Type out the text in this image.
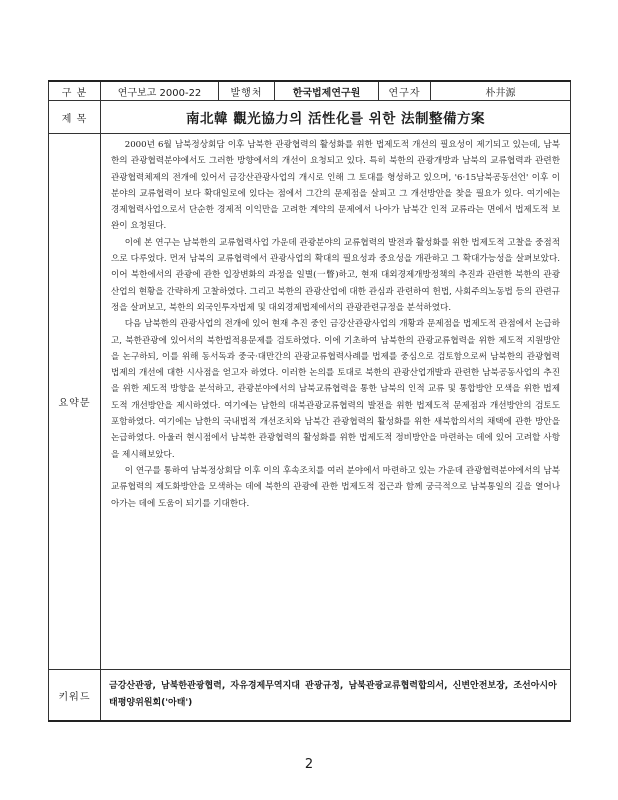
구 분	연구보고 2000-22	발행처	한국법제연구원	연구자	朴井源
제 목	南北韓 觀光協力의 活性化를 위한 法制整備方案				
요약문	2000년 6월 남북정상회담 이후 남북한 관광협력의 활성화를 위한 법제도적 개선의 필요성이 제기되고 있는데, 남북한의 관광협력분야에서도 그러한 방향에서의 개선이 요청되고 있다. 특히 북한의 관광개방과 남북의 교류협력과 관련한 관광협력체제의 전개에 있어서 금강산관광사업의 개시로 인해 그 토대를 형성하고 있으며, '6·15남북공동선언' 이후 이 분야의 교류협력이 보다 확대일로에 있다는 점에서 그간의 문제점을 살피고 그 개선방안을 찾을 필요가 있다. 여기에는 경제협력사업으로서 단순한 경제적 이익만을 고려한 계약의 문제에서 나아가 남북간 인적 교류라는 면에서 법제도적 보완이 요청된다.

이에 본 연구는 남북한의 교류협력사업 가운데 관광분야의 교류협력의 발전과 활성화를 위한 법제도적 고찰을 중점적으로 다루었다. 먼저 남북의 교류협력에서 관광사업의 확대의 필요성과 중요성을 개관하고 그 확대가능성을 살펴보았다. 이어 북한에서의 관광에 관한 입장변화의 과정을 일별(一瞥)하고, 현재 대외경제개방정책의 추진과 관련한 북한의 관광산업의 현황을 간략하게 고찰하였다. 그리고 북한의 관광산업에 대한 관심과 관련하여 헌법, 사회주의노동법 등의 관련규정을 살펴보고, 북한의 외국인투자법제 및 대외경제법제에서의 관광관련규정을 분석하였다.

다음 남북한의 관광사업의 전개에 있어 현재 추진 중인 금강산관광사업의 개황과 문제점을 법제도적 관점에서 논급하고, 북한관광에 있어서의 북한법적용문제를 검토하였다. 이에 기초하여 남북한의 관광교류협력을 위한 제도적 지원방안을 논구하되, 이를 위해 동서독과 중국·대만간의 관광교류협력사례를 법제를 중심으로 검토함으로써 남북한의 관광협력법제의 개선에 대한 시사점을 얻고자 하였다. 이러한 논의를 토대로 북한의 관광산업개발과 관련한 남북공동사업의 추진을 위한 제도적 방향을 분석하고, 관광분야에서의 남북교류협력을 통한 남북의 인적 교류 및 통합방안 모색을 위한 법제도적 개선방안을 제시하였다. 여기에는 남한의 대북관광교류협력의 발전을 위한 법제도적 문제점과 개선방안의 검토도 포함하였다. 여기에는 남한의 국내법적 개선조치와 남북간 관광협력의 활성화를 위한 새북합의서의 채택에 관한 방안을 논급하였다. 아울러 현시점에서 남북한 관광협력의 활성화를 위한 법제도적 정비방안을 마련하는 데에 있어 고려할 사항을 제시해보았다.

이 연구를 통하여 남북정상회담 이후 이의 후속조치를 여러 분야에서 마련하고 있는 가운데 관광협력분야에서의 남북교류협력의 제도화방안을 모색하는 데에 북한의 관광에 관한 법제도적 접근과 함께 궁극적으로 남북통일의 길을 열어나아가는 데에 도움이 되기를 기대한다.				

키워드	금강산관광, 남북한관광협력, 자유경제무역지대 관광규정, 남북관광교류협력합의서, 신변안전보장, 조선아시아태평양위원회('아태')				
2
